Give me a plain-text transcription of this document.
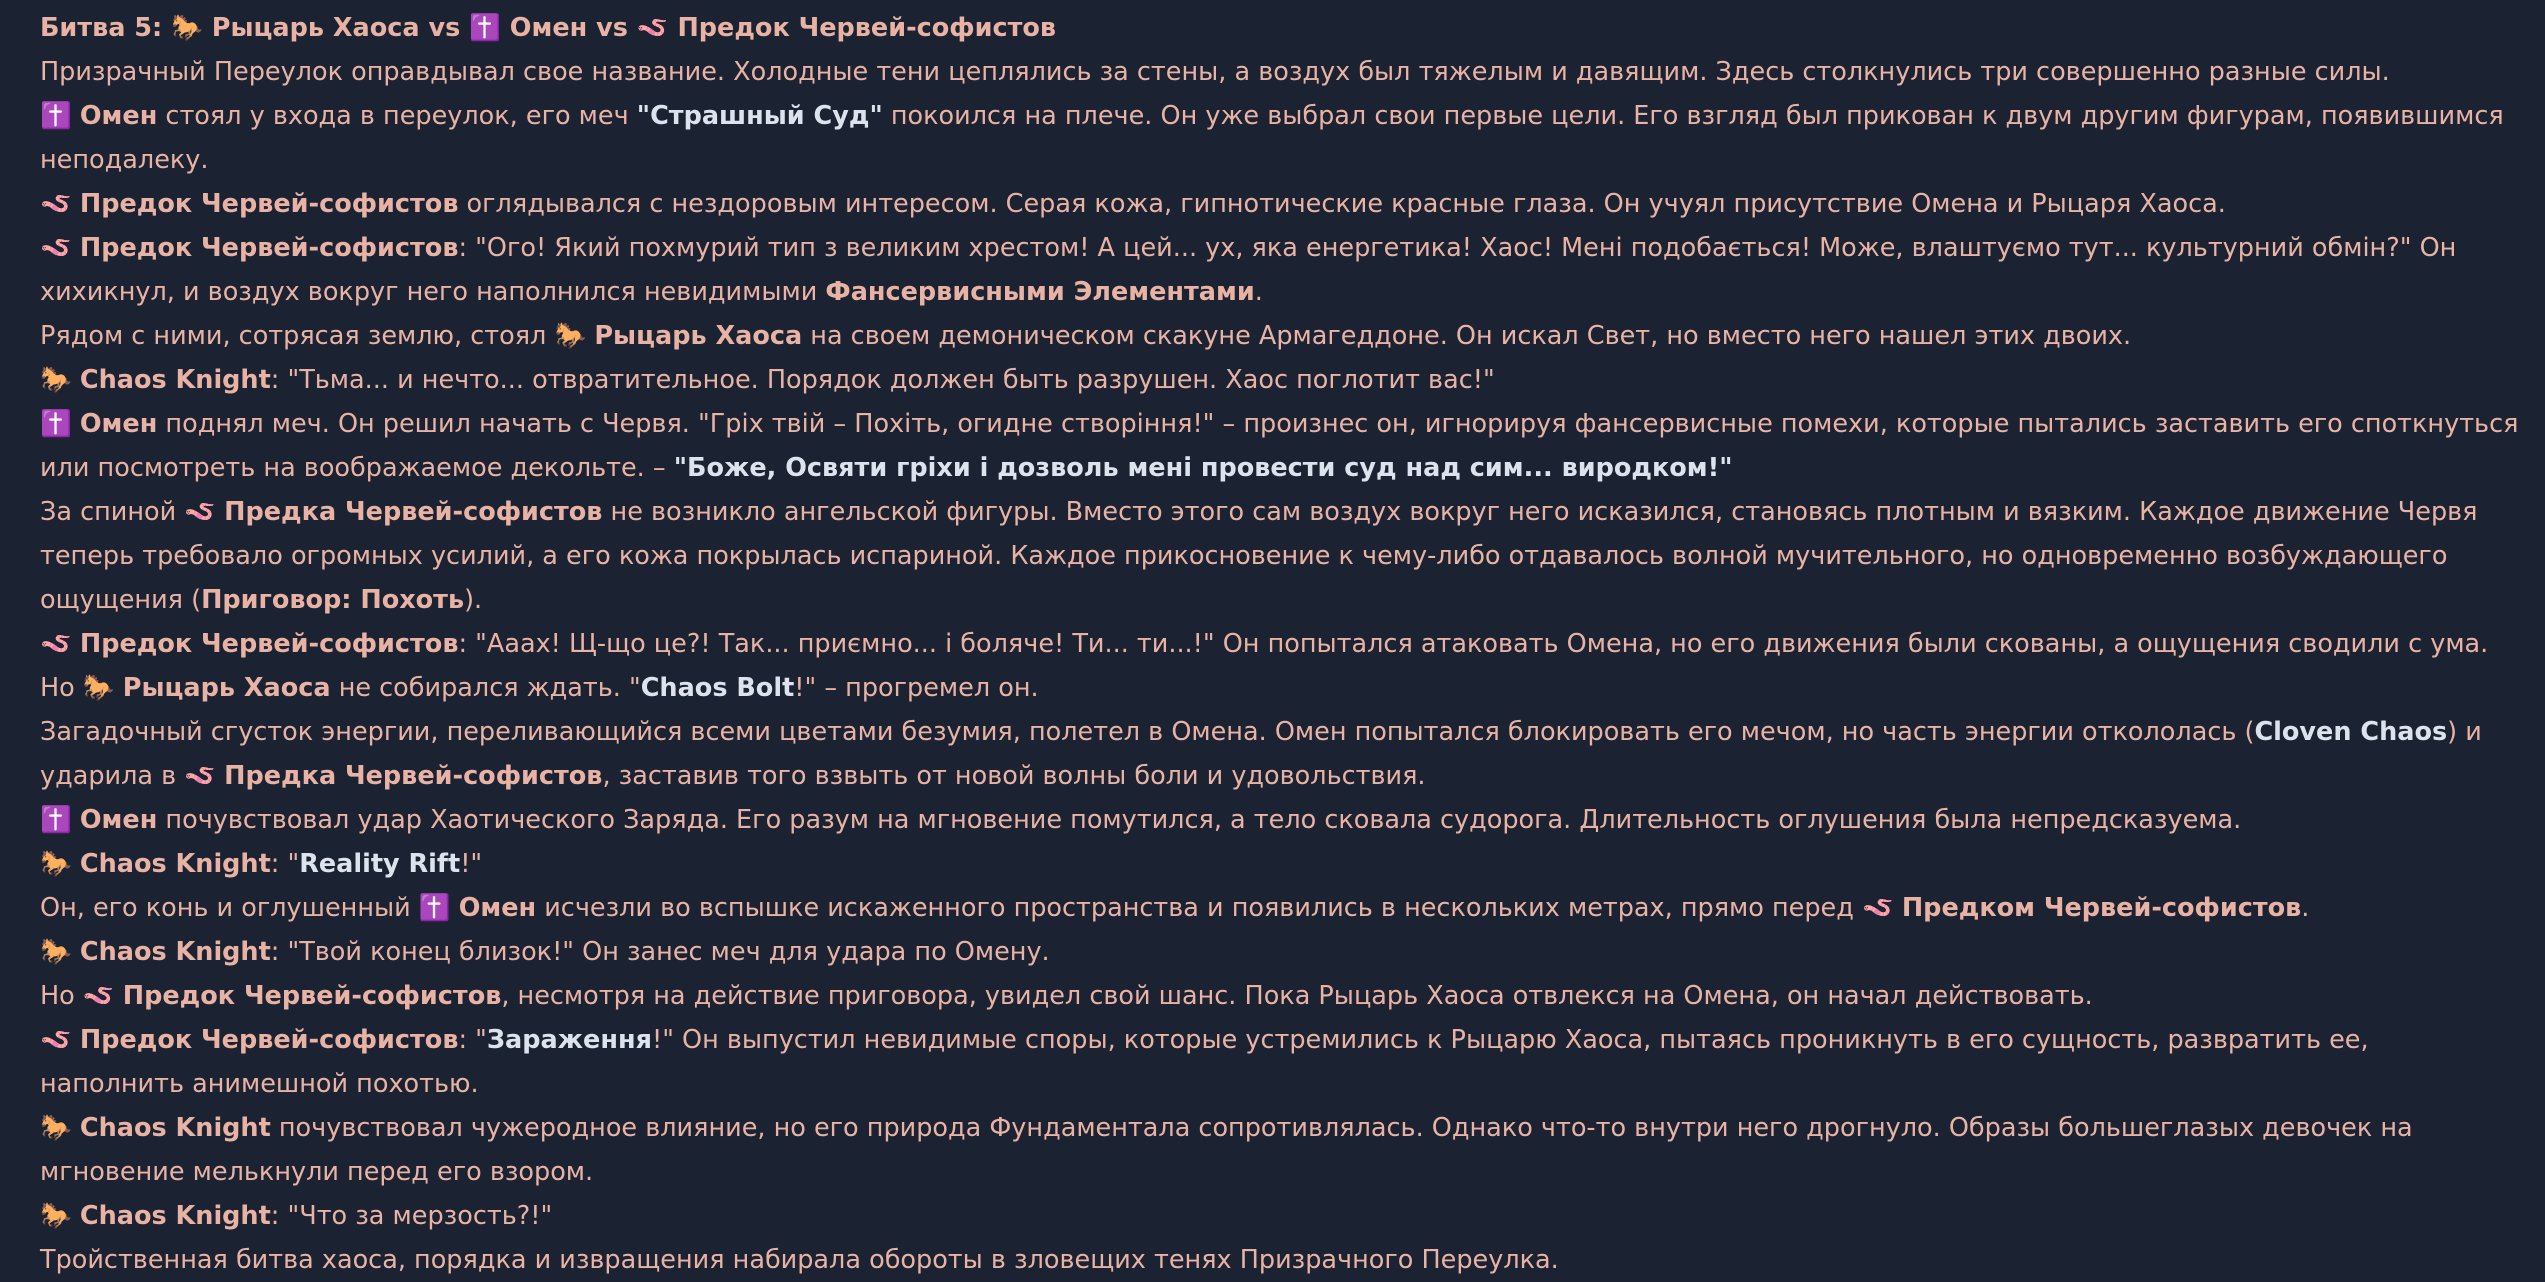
Битва 5: 🐎 Рыцарь Хаоса vs ✝️ Омен vs 🪱 Предок Червей-софистов

Призрачный Переулок оправдывал свое название. Холодные тени цеплялись за стены, а воздух был тяжелым и давящим. Здесь столкнулись три совершенно разные силы.

✝️ Омен стоял у входа в переулок, его меч "Страшный Суд" покоился на плече. Он уже выбрал свои первые цели. Его взгляд был прикован к двум другим фигурам, появившимся неподалеку.

🪱 Предок Червей-софистов оглядывался с нездоровым интересом. Серая кожа, гипнотические красные глаза. Он учуял присутствие Омена и Рыцаря Хаоса.

🪱 Предок Червей-софистов: "Ого! Який похмурий тип з великим хрестом! А цей... ух, яка енергетика! Хаос! Мені подобається! Може, влаштуємо тут... культурний обмін?" Он хихикнул, и воздух вокруг него наполнился невидимыми Фансервисными Элементами.

Рядом с ними, сотрясая землю, стоял 🐎 Рыцарь Хаоса на своем демоническом скакуне Армагеддоне. Он искал Свет, но вместо него нашел этих двоих.

🐎 Chaos Knight: "Тьма... и нечто... отвратительное. Порядок должен быть разрушен. Хаос поглотит вас!"

✝️ Омен поднял меч. Он решил начать с Червя. "Гріх твій – Похіть, огидне створіння!" – произнес он, игнорируя фансервисные помехи, которые пытались заставить его споткнуться или посмотреть на воображаемое декольте. – "Боже, Освяти гріхи і дозволь мені провести суд над сим... виродком!"

За спиной 🪱 Предка Червей-софистов не возникло ангельской фигуры. Вместо этого сам воздух вокруг него исказился, становясь плотным и вязким. Каждое движение Червя теперь требовало огромных усилий, а его кожа покрылась испариной. Каждое прикосновение к чему-либо отдавалось волной мучительного, но одновременно возбуждающего ощущения (Приговор: Похоть).

🪱 Предок Червей-софистов: "Ааах! Щ-що це?! Так... приємно... і боляче! Ти... ти...!" Он попытался атаковать Омена, но его движения были скованы, а ощущения сводили с ума.

Но 🐎 Рыцарь Хаоса не собирался ждать. "Chaos Bolt!" – прогремел он.

Загадочный сгусток энергии, переливающийся всеми цветами безумия, полетел в Омена. Омен попытался блокировать его мечом, но часть энергии откололась (Cloven Chaos) и ударила в 🪱 Предка Червей-софистов, заставив того взвыть от новой волны боли и удовольствия.

✝️ Омен почувствовал удар Хаотического Заряда. Его разум на мгновение помутился, а тело сковала судорога. Длительность оглушения была непредсказуема.

🐎 Chaos Knight: "Reality Rift!"

Он, его конь и оглушенный ✝️ Омен исчезли во вспышке искаженного пространства и появились в нескольких метрах, прямо перед 🪱 Предком Червей-софистов.

🐎 Chaos Knight: "Твой конец близок!" Он занес меч для удара по Омену.

Но 🪱 Предок Червей-софистов, несмотря на действие приговора, увидел свой шанс. Пока Рыцарь Хаоса отвлекся на Омена, он начал действовать.

🪱 Предок Червей-софистов: "Зараження!" Он выпустил невидимые споры, которые устремились к Рыцарю Хаоса, пытаясь проникнуть в его сущность, развратить ее, наполнить анимешной похотью.

🐎 Chaos Knight почувствовал чужеродное влияние, но его природа Фундаментала сопротивлялась. Однако что-то внутри него дрогнуло. Образы большеглазых девочек на мгновение мелькнули перед его взором.

🐎 Chaos Knight: "Что за мерзость?!"

Тройственная битва хаоса, порядка и извращения набирала обороты в зловещих тенях Призрачного Переулка.
